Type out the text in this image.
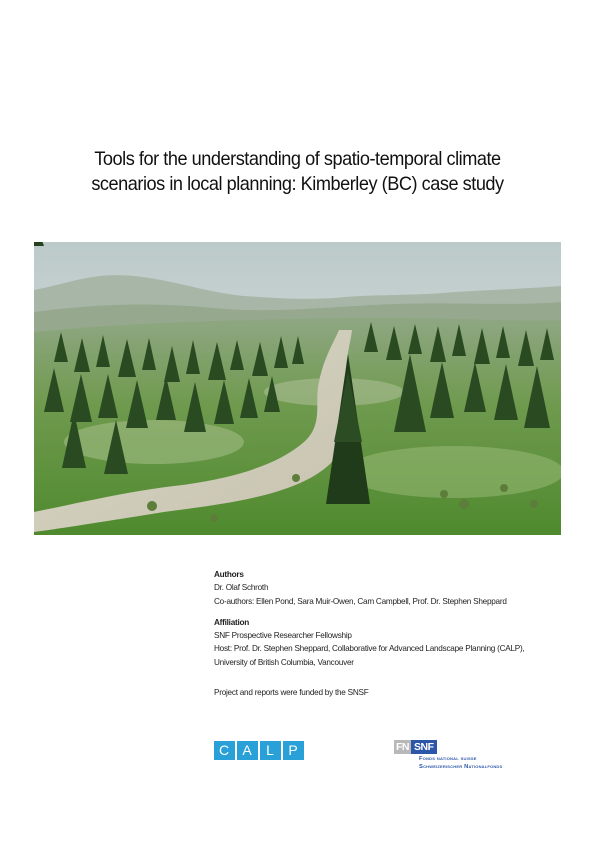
Tools for the understanding of spatio-temporal climate
scenarios in local planning: Kimberley (BC) case study
Authors
Dr. Olaf Schroth
Co-authors: Ellen Pond, Sara Muir-Owen, Cam Campbell, Prof. Dr. Stephen Sheppard
Affiliation
SNF Prospective Researcher Fellowship
Host: Prof. Dr. Stephen Sheppard, Collaborative for Advanced Landscape Planning (CALP),
University of British Columbia, Vancouver
Project and reports were funded by the SNSF
C A L P	FN SNF
Fonds national suisse
Schweizerischer Nationalfonds
